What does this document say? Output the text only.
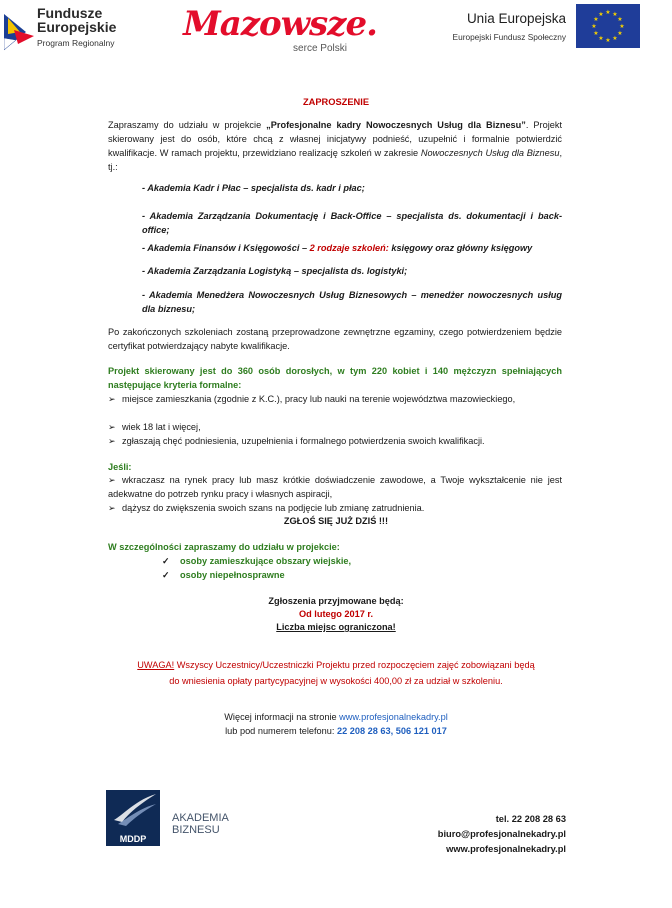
Fundusze
Europejskie
Program Regionalny	Mazowsze.
serce Polski
Unia Europejska
Europejski Fundusz Społeczny
★ ★
★
★
★
★
★
★
★
★
★
★
ZAPROSZENIE
Zapraszamy do udziału w projekcie „Profesjonalne kadry Nowoczesnych Usług dla Biznesu”. Projekt skierowany jest do osób, które chcą z własnej inicjatywy podnieść, uzupełnić i formalnie potwierdzić kwalifikacje. W ramach projektu, przewidziano realizację szkoleń w zakresie Nowoczesnych Usług dla Biznesu, tj.:
- Akademia Kadr i Płac – specjalista ds. kadr i płac;
- Akademia Zarządzania Dokumentację i Back-Office – specjalista ds. dokumentacji i back-office;
- Akademia Finansów i Księgowości – 2 rodzaje szkoleń: księgowy oraz główny księgowy
- Akademia Zarządzania Logistyką – specjalista ds. logistyki;
- Akademia Menedżera Nowoczesnych Usług Biznesowych – menedżer nowoczesnych usług dla biznesu;
Po zakończonych szkoleniach zostaną przeprowadzone zewnętrzne egzaminy, czego potwierdzeniem będzie certyfikat potwierdzający nabyte kwalifikacje.
Projekt skierowany jest do 360 osób dorosłych, w tym 220 kobiet i 140 mężczyzn spełniających następujące kryteria formalne:
➢ miejsce zamieszkania (zgodnie z K.C.), pracy lub nauki na terenie województwa mazowieckiego,
➢ wiek 18 lat i więcej,
➢ zgłaszają chęć podniesienia, uzupełnienia i formalnego potwierdzenia swoich kwalifikacji.
Jeśli:
➢ wkraczasz na rynek pracy lub masz krótkie doświadczenie zawodowe, a Twoje wykształcenie nie jest adekwatne do potrzeb rynku pracy i własnych aspiracji,
➢ dążysz do zwiększenia swoich szans na podjęcie lub zmianę zatrudnienia.
ZGŁOŚ SIĘ JUŻ DZIŚ !!!
W szczególności zapraszamy do udziału w projekcie:
✓ osoby zamieszkujące obszary wiejskie,
✓ osoby niepełnosprawne
Zgłoszenia przyjmowane będą:
Od lutego 2017 r.
Liczba miejsc ograniczona!
UWAGA! Wszyscy Uczestnicy/Uczestniczki Projektu przed rozpoczęciem zajęć zobowiązani będą
do wniesienia opłaty partycypacyjnej w wysokości 400,00 zł za udział w szkoleniu.
Więcej informacji na stronie www.profesjonalnekadry.pl
lub pod numerem telefonu: 22 208 28 63, 506 121 017
MDDP
AKADEMIA
BIZNESU
tel. 22 208 28 63
biuro@profesjonalnekadry.pl
www.profesjonalnekadry.pl
